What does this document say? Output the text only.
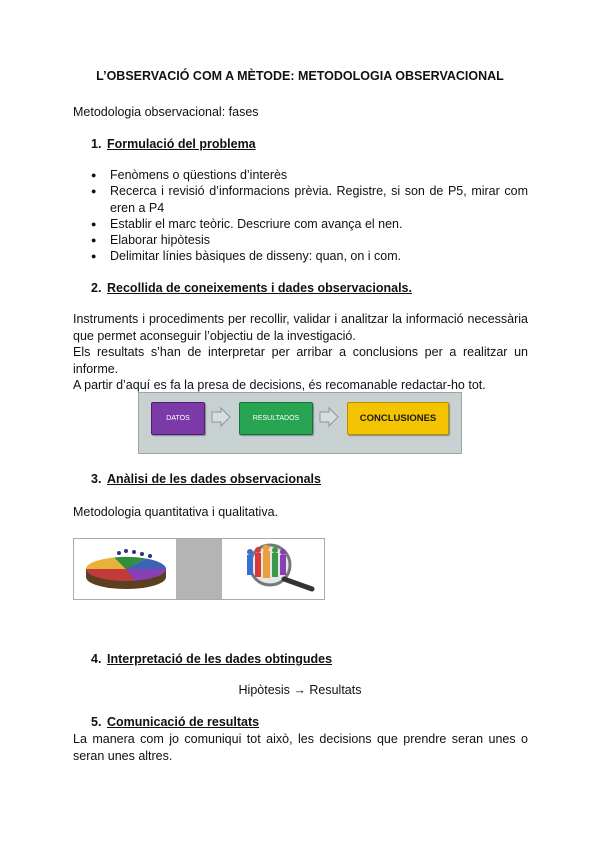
L’OBSERVACIÓ COM A MÈTODE: METODOLOGIA OBSERVACIONAL
Metodologia observacional: fases
1. Formulació del problema
● Fenòmens o qüestions d’interès
● Recerca i revisió d’informacions prèvia. Registre, si son de P5, mirar com eren a P4
● Establir el marc teòric. Descriure com avança el nen.
● Elaborar hipòtesis
● Delimitar línies bàsiques de disseny: quan, on i com.
2. Recollida de coneixements i dades observacionals.
Instruments i procediments per recollir, validar i analitzar la informació necessària que permet aconseguir l’objectiu de la investigació.
Els resultats s’han de interpretar per arribar a conclusions per a realitzar un informe.
A partir d’aquí es fa la presa de decisions, és recomanable redactar-ho tot.
DATOS	RESULTADOS	CONCLUSIONES
3. Anàlisi de les dades observacionals
Metodologia quantitativa i qualitativa.
4. Interpretació de les dades obtingudes
Hipòtesis → Resultats
5. Comunicació de resultats
La manera com jo comuniqui tot això, les decisions que prendre seran unes o seran unes altres.
